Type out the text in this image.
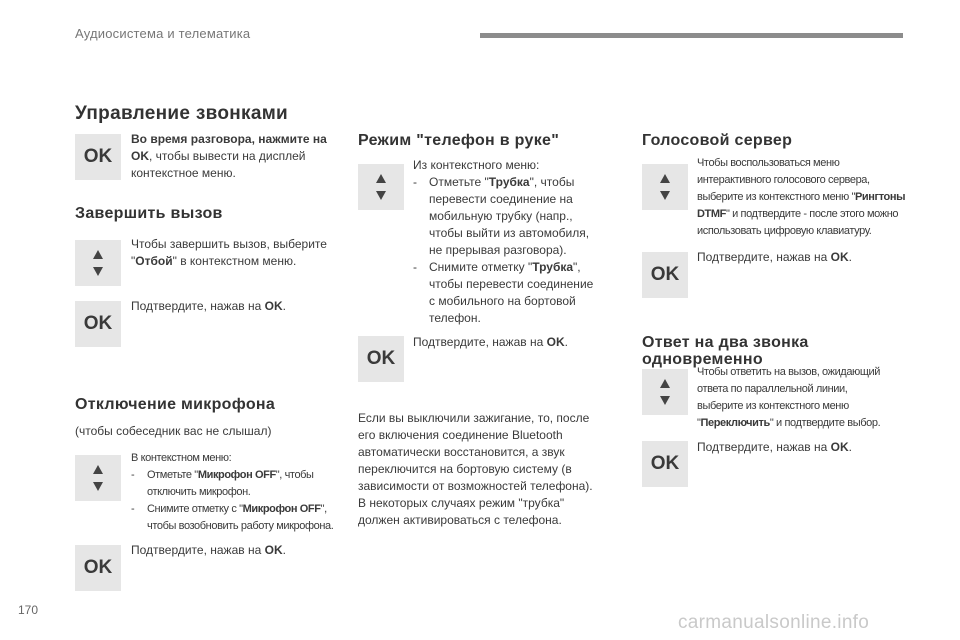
Аудиосистема и телематика
Управление звонками
OK
Во время разговора, нажмите на
OK, чтобы вывести на дисплей
контекстное меню.
Завершить вызов
Чтобы завершить вызов, выберите
"Отбой" в контекстном меню.
OK
Подтвердите, нажав на OK.
Отключение микрофона
(чтобы собеседник вас не слышал)
В контекстном меню:
-	Отметьте "Микрофон OFF", чтобы
отключить микрофон.
-	Снимите отметку с "Микрофон OFF",
чтобы возобновить работу микрофона.
OK
Подтвердите, нажав на OK.
Режим "телефон в руке"
Из контекстного меню:
-	Отметьте "Трубка", чтобы
перевести соединение на
мобильную трубку (напр.,
чтобы выйти из автомобиля,
не прерывая разговора).
-	Снимите отметку "Трубка",
чтобы перевести соединение
с мобильного на бортовой
телефон.
OK
Подтвердите, нажав на OK.
Если вы выключили зажигание, то, после
его включения соединение Bluetooth
автоматически восстановится, а звук
переключится на бортовую систему (в
зависимости от возможностей телефона).
В некоторых случаях режим "трубка"
должен активироваться с телефона.
Голосовой сервер
Чтобы воспользоваться меню
интерактивного голосового сервера,
выберите из контекстного меню "Рингтоны
DTMF" и подтвердите - после этого можно
использовать цифровую клавиатуру.
OK
Подтвердите, нажав на OK.
Ответ на два звонка
одновременно
Чтобы ответить на вызов, ожидающий
ответа по параллельной линии,
выберите из контекстного меню
"Переключить" и подтвердите выбор.
OK
Подтвердите, нажав на OK.
170
carmanualsonline.info
